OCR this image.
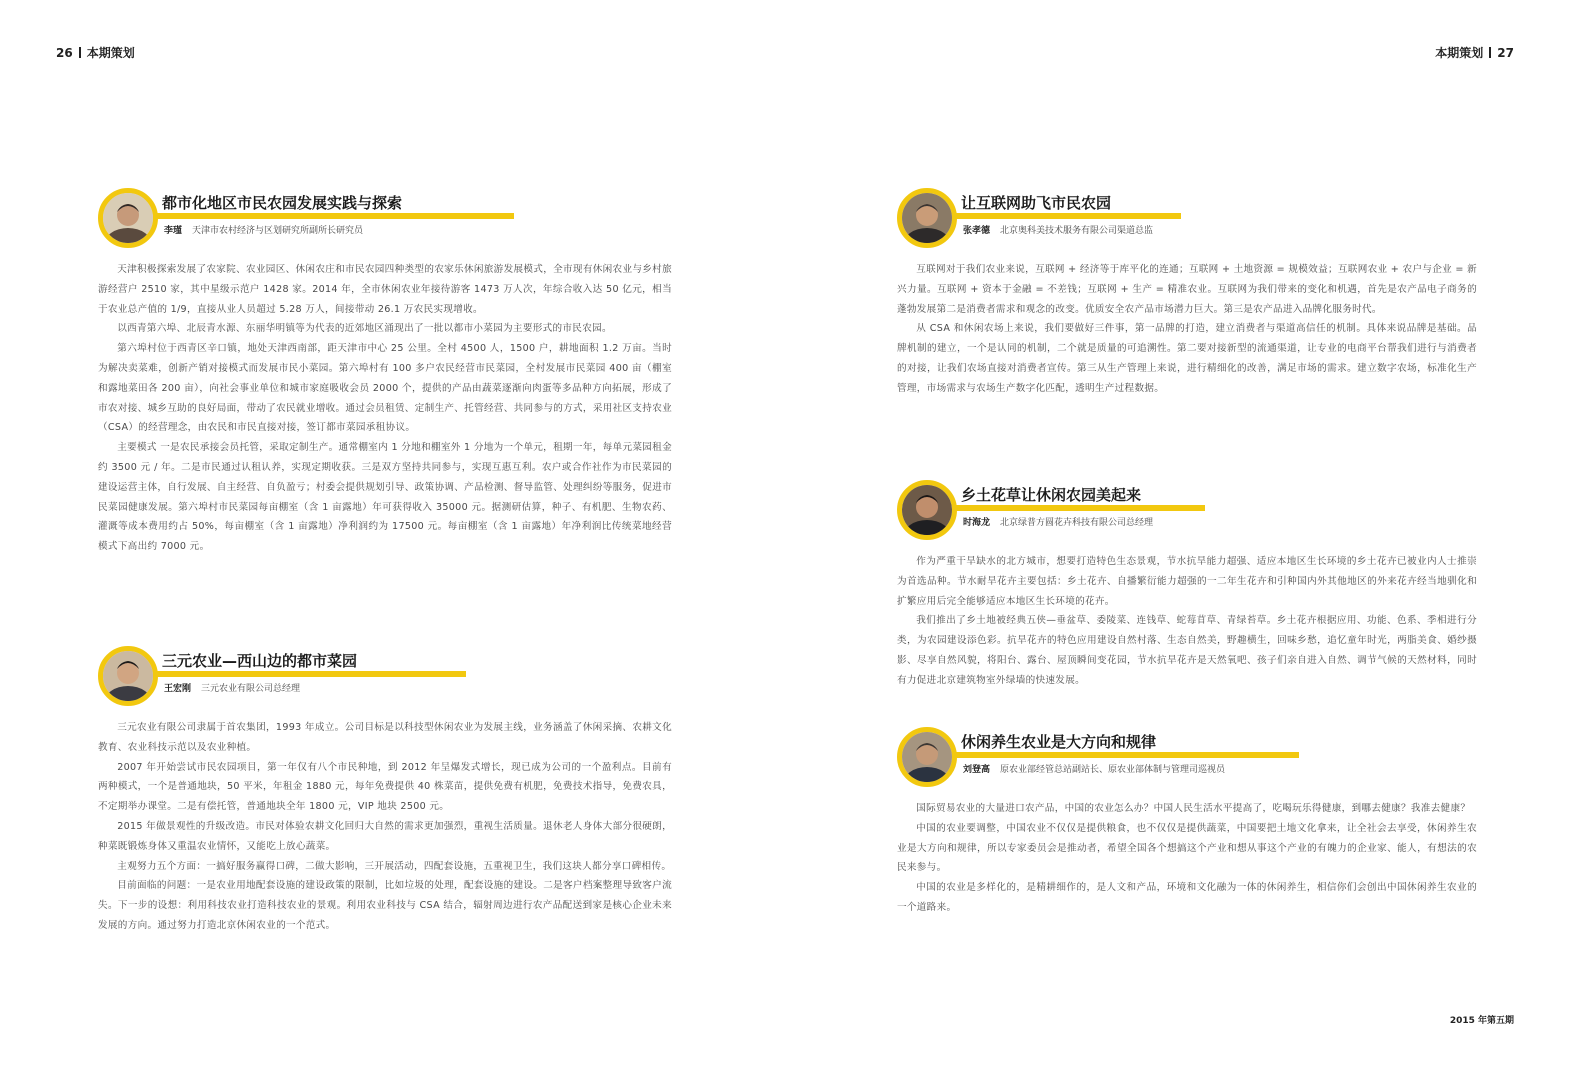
26 本期策划	本期策划 27
都市化地区市民农园发展实践与探索
李瑾 天津市农村经济与区划研究所副所长研究员

天津积极探索发展了农家院、农业园区、休闲农庄和市民农园四种类型的农家乐休闲旅游发展模式，全市现有休闲农业与乡村旅游经营户 2510 家，其中星级示范户 1428 家。2014 年，全市休闲农业年接待游客 1473 万人次，年综合收入达 50 亿元，相当于农业总产值的 1/9，直接从业人员超过 5.28 万人，间接带动 26.1 万农民实现增收。

以西青第六埠、北辰青水源、东丽华明镇等为代表的近郊地区涌现出了一批以都市小菜园为主要形式的市民农园。

第六埠村位于西青区辛口镇，地处天津西南部，距天津市中心 25 公里。全村 4500 人，1500 户，耕地面积 1.2 万亩。当时为解决卖菜难，创新产销对接模式而发展市民小菜园。第六埠村有 100 多户农民经营市民菜园，全村发展市民菜园 400 亩（棚室和露地菜田各 200 亩），向社会事业单位和城市家庭吸收会员 2000 个，提供的产品由蔬菜逐渐向肉蛋等多品种方向拓展，形成了市农对接、城乡互助的良好局面，带动了农民就业增收。通过会员租赁、定制生产、托管经营、共同参与的方式，采用社区支持农业（CSA）的经营理念，由农民和市民直接对接，签订都市菜园承租协议。

主要模式 一是农民承接会员托管，采取定制生产。通常棚室内 1 分地和棚室外 1 分地为一个单元，租期一年，每单元菜园租金约 3500 元 / 年。二是市民通过认租认养，实现定期收获。三是双方坚持共同参与，实现互惠互利。农户或合作社作为市民菜园的建设运营主体，自行发展、自主经营、自负盈亏；村委会提供规划引导、政策协调、产品检测、督导监管、处理纠纷等服务，促进市民菜园健康发展。第六埠村市民菜园每亩棚室（含 1 亩露地）年可获得收入 35000 元。据测研估算，种子、有机肥、生物农药、灌溉等成本费用约占 50%，每亩棚室（含 1 亩露地）净利润约为 17500 元。每亩棚室（含 1 亩露地）年净利润比传统菜地经营模式下高出约 7000 元。

三元农业—西山边的都市菜园
王宏刚 三元农业有限公司总经理

三元农业有限公司隶属于首农集团，1993 年成立。公司目标是以科技型休闲农业为发展主线，业务涵盖了休闲采摘、农耕文化教育、农业科技示范以及农业种植。

2007 年开始尝试市民农园项目，第一年仅有八个市民种地，到 2012 年呈爆发式增长，现已成为公司的一个盈利点。目前有两种模式，一个是普通地块，50 平米，年租金 1880 元，每年免费提供 40 株菜苗，提供免费有机肥，免费技术指导，免费农具，不定期举办课堂。二是有偿托管，普通地块全年 1800 元，VIP 地块 2500 元。

2015 年做景观性的升级改造。市民对体验农耕文化回归大自然的需求更加强烈，重视生活质量。退休老人身体大部分很硬朗，种菜既锻炼身体又重温农业情怀，又能吃上放心蔬菜。

主观努力五个方面：一搞好服务赢得口碑，二做大影响，三开展活动，四配套设施，五重视卫生，我们这块人都分享口碑相传。

目前面临的问题：一是农业用地配套设施的建设政策的限制，比如垃圾的处理，配套设施的建设。二是客户档案整理导致客户流失。下一步的设想：利用科技农业打造科技农业的景观。利用农业科技与 CSA 结合，辐射周边进行农产品配送到家是核心企业未来发展的方向。通过努力打造北京休闲农业的一个范式。

让互联网助飞市民农园
张孝德 北京奥科美技术服务有限公司渠道总监

互联网对于我们农业来说，互联网 + 经济等于库平化的连通；互联网 + 土地资源 = 规模效益；互联网农业 + 农户与企业 = 新兴力量。互联网 + 资本于金融 = 不差钱；互联网 + 生产 = 精准农业。互联网为我们带来的变化和机遇，首先是农产品电子商务的蓬勃发展第二是消费者需求和观念的改变。优质安全农产品市场潜力巨大。第三是农产品进入品牌化服务时代。

从 CSA 和休闲农场上来说，我们要做好三件事，第一品牌的打造，建立消费者与渠道高信任的机制。具体来说品牌是基础。品牌机制的建立，一个是认同的机制，二个就是质量的可追溯性。第二要对接新型的流通渠道，让专业的电商平台帮我们进行与消费者的对接，让我们农场直接对消费者宣传。第三从生产管理上来说，进行精细化的改善，满足市场的需求。建立数字农场，标准化生产管理，市场需求与农场生产数字化匹配，透明生产过程数据。

乡土花草让休闲农园美起来
时海龙 北京绿普方圆花卉科技有限公司总经理

作为严重干旱缺水的北方城市，想要打造特色生态景观，节水抗旱能力超强、适应本地区生长环境的乡土花卉已被业内人士推崇为首选品种。节水耐旱花卉主要包括：乡土花卉、自播繁衍能力超强的一二年生花卉和引种国内外其他地区的外来花卉经当地驯化和扩繁应用后完全能够适应本地区生长环境的花卉。

我们推出了乡土地被经典五侠—垂盆草、委陵菜、连钱草、蛇莓苜草、青绿苔草。乡土花卉根据应用、功能、色系、季相进行分类，为农园建设添色彩。抗旱花卉的特色应用建设自然村落、生态自然美，野趣横生，回味乡愁，追忆童年时光，两脂美食、婚纱摄影、尽享自然风貌，将阳台、露台、屋顶瞬间变花园，节水抗旱花卉是天然氧吧、孩子们亲自进入自然、调节气候的天然材料，同时有力促进北京建筑物室外绿墙的快速发展。

休闲养生农业是大方向和规律
刘登高 原农业部经管总站副站长、原农业部体制与管理司巡视员

国际贸易农业的大量进口农产品，中国的农业怎么办？中国人民生活水平提高了，吃喝玩乐得健康，到哪去健康？我准去健康？

中国的农业要调整，中国农业不仅仅是提供粮食，也不仅仅是提供蔬菜，中国要把土地文化拿来，让全社会去享受，休闲养生农业是大方向和规律，所以专家委员会是推动者，希望全国各个想搞这个产业和想从事这个产业的有魄力的企业家、能人，有想法的农民来参与。

中国的农业是多样化的，是精耕细作的，是人文和产品，环境和文化融为一体的休闲养生，相信你们会创出中国休闲养生农业的一个道路来。

2015 年第五期
